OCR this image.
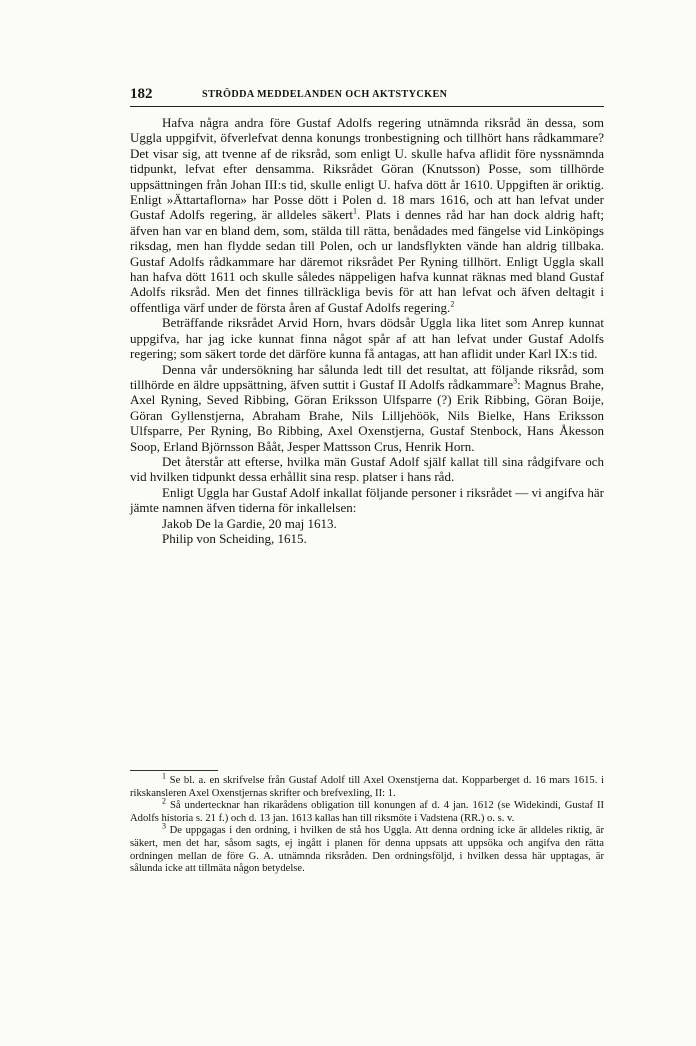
182	STRÖDDA MEDDELANDEN OCH AKTSTYCKEN

Hafva några andra före Gustaf Adolfs regering utnämnda riksråd än dessa, som Uggla uppgifvit, öfverlefvat denna konungs tronbestigning och tillhört hans rådkammare? Det visar sig, att tvenne af de riksråd, som enligt U. skulle hafva aflidit före nyssnämnda tidpunkt, lefvat efter densamma. Riksrådet Göran (Knutsson) Posse, som tillhörde uppsättningen från Johan III:s tid, skulle enligt U. hafva dött år 1610. Uppgiften är oriktig. Enligt »Ättartaflorna» har Posse dött i Polen d. 18 mars 1616, och att han lefvat under Gustaf Adolfs regering, är alldeles säkert$^1$. Plats i dennes råd har han dock aldrig haft; äfven han var en bland dem, som, stälda till rätta, benådades med fängelse vid Linköpings riksdag, men han flydde sedan till Polen, och ur landsflykten vände han aldrig tillbaka. Gustaf Adolfs rådkammare har däremot riksrådet Per Ryning tillhört. Enligt Uggla skall han hafva dött 1611 och skulle således näppeligen hafva kunnat räknas med bland Gustaf Adolfs riksråd. Men det finnes tillräckliga bevis för att han lefvat och äfven deltagit i offentliga värf under de första åren af Gustaf Adolfs regering.$^2$

Beträffande riksrådet Arvid Horn, hvars dödsår Uggla lika litet som Anrep kunnat uppgifva, har jag icke kunnat finna något spår af att han lefvat under Gustaf Adolfs regering; som säkert torde det därföre kunna få antagas, att han aflidit under Karl IX:s tid.

Denna vår undersökning har sålunda ledt till det resultat, att följande riksråd, som tillhörde en äldre uppsättning, äfven suttit i Gustaf II Adolfs rådkammare$^3$: Magnus Brahe, Axel Ryning, Seved Ribbing, Göran Eriksson Ulfsparre (?) Erik Ribbing, Göran Boije, Göran Gyllenstjerna, Abraham Brahe, Nils Lilljehöök, Nils Bielke, Hans Eriksson Ulfsparre, Per Ryning, Bo Ribbing, Axel Oxenstjerna, Gustaf Stenbock, Hans Åkesson Soop, Erland Björnsson Bååt, Jesper Mattsson Crus, Henrik Horn.

Det återstår att efterse, hvilka män Gustaf Adolf själf kallat till sina rådgifvare och vid hvilken tidpunkt dessa erhållit sina resp. platser i hans råd.

Enligt Uggla har Gustaf Adolf inkallat följande personer i riksrådet — vi angifva här jämte namnen äfven tiderna för inkallelsen:

Jakob De la Gardie, 20 maj 1613.

Philip von Scheiding, 1615.

$^1$ Se bl. a. en skrifvelse från Gustaf Adolf till Axel Oxenstjerna dat. Kopparberget d. 16 mars 1615. i rikskansleren Axel Oxenstjernas skrifter och brefvexling, II: 1.

$^2$ Så undertecknar han rikarådens obligation till konungen af d. 4 jan. 1612 (se Widekindi, Gustaf II Adolfs historia s. 21 f.) och d. 13 jan. 1613 kallas han till riksmöte i Vadstena (RR.) o. s. v.

$^3$ De uppgagas i den ordning, i hvilken de stå hos Uggla. Att denna ordning icke är alldeles riktig, är säkert, men det har, såsom sagts, ej ingått i planen för denna uppsats att uppsöka och angifva den rätta ordningen mellan de före G. A. utnämnda riksråden. Den ordningsföljd, i hvilken dessa här upptagas, är sålunda icke att tillmäta någon betydelse.
